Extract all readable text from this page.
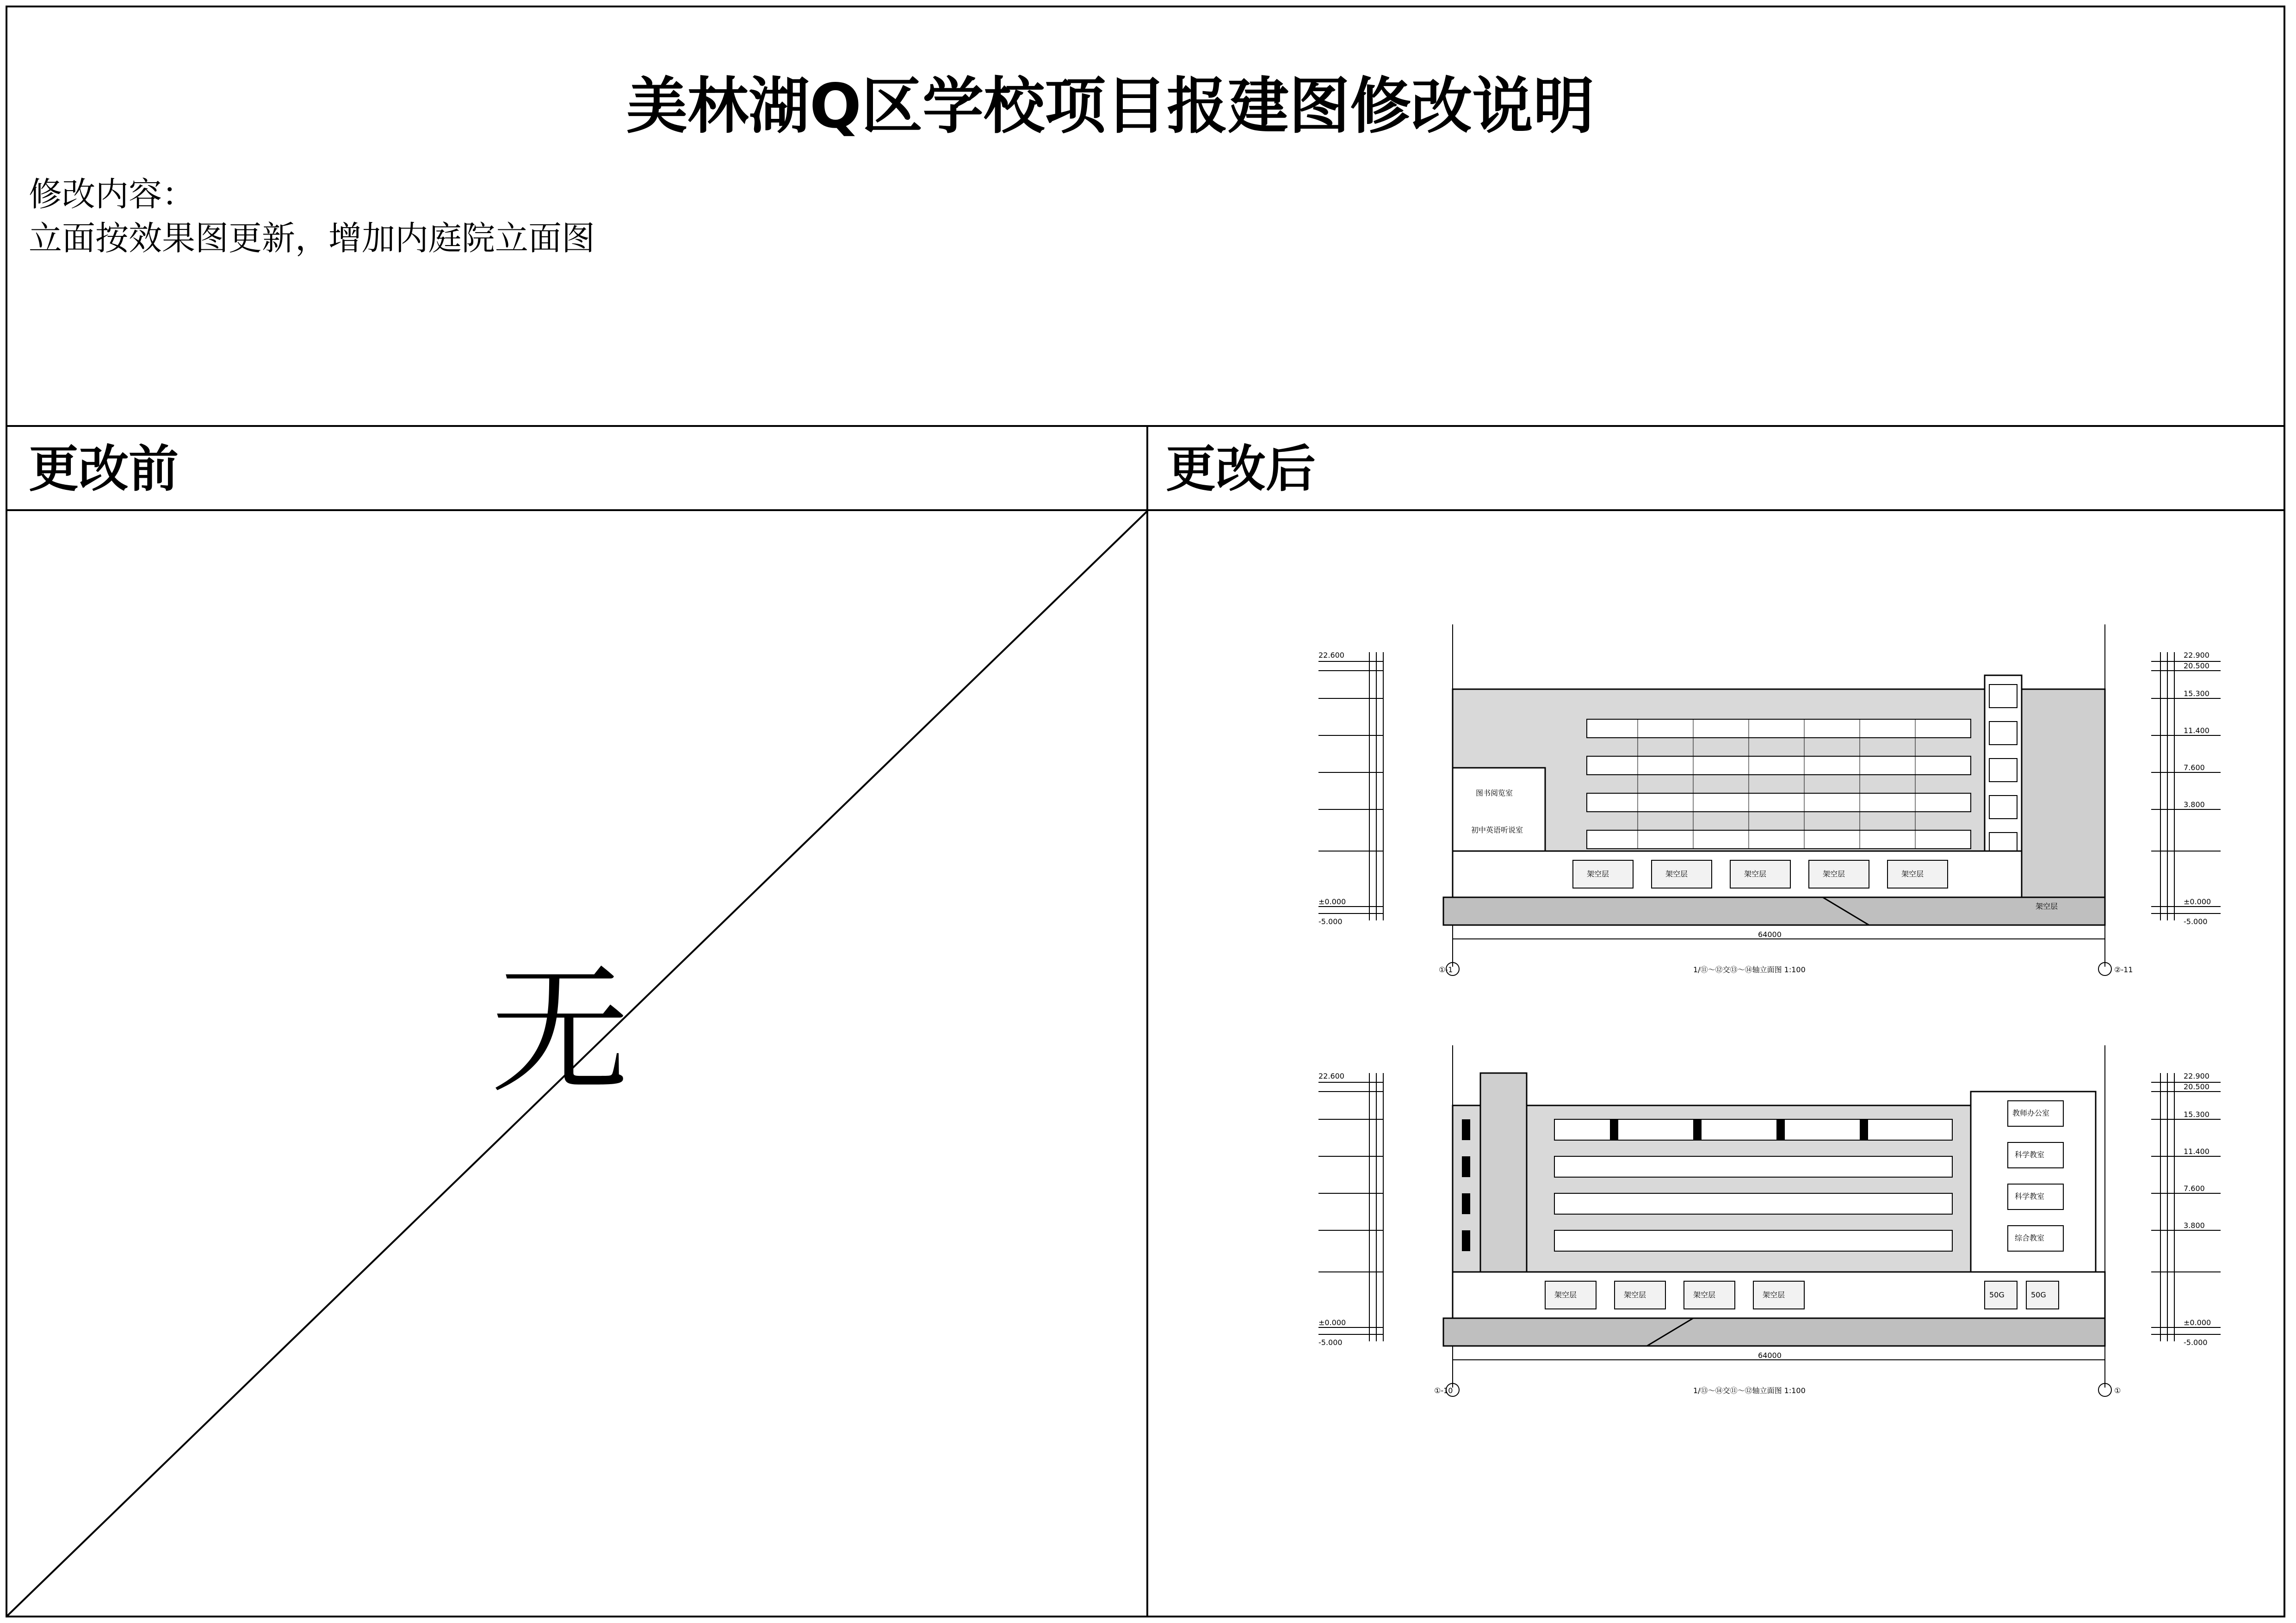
美林湖Q区学校项目报建图修改说明
修改内容：
立面按效果图更新，增加内庭院立面图
更改前	更改后
无
图书阅览室
初中英语听说室
架空层	架空层	架空层	架空层	架空层
架空层
64000
22.600
±0.000
-5.000
22.900
20.500
15.300
11.400
7.600
3.800
±0.000
-5.000
①-1	②-11
1/⑪～⑫交⑬～⑭轴立面图 1:100
教师办公室
科学教室
科学教室
综合教室
架空层	架空层	架空层	架空层	50G	50G
64000
22.600
±0.000
-5.000
22.900
20.500
15.300
11.400
7.600
3.800
±0.000
-5.000
①-10	①
1/⑬～⑭交⑪～⑫轴立面图 1:100
